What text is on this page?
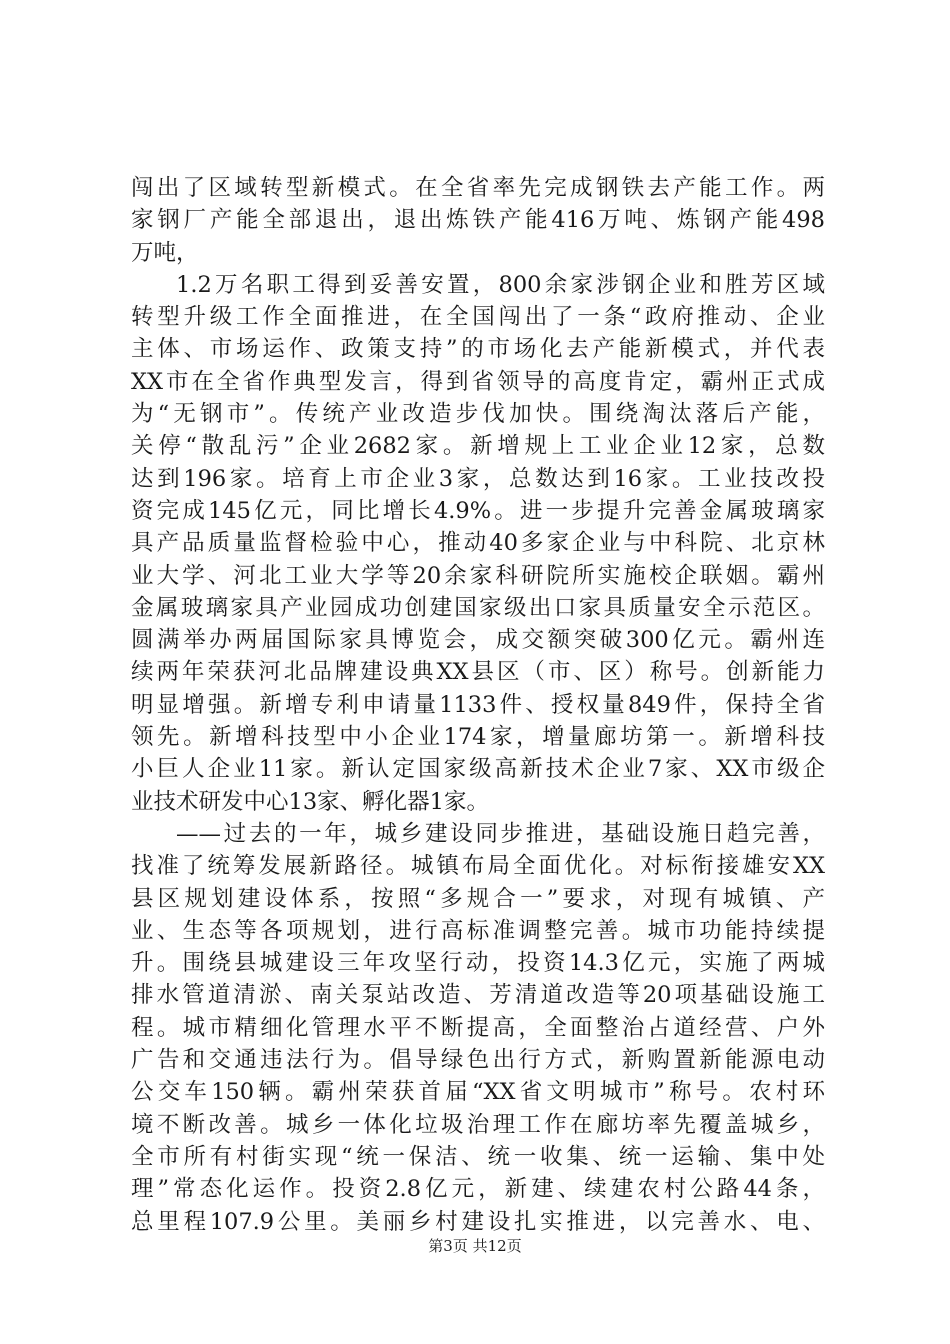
闯出了区域转型新模式。在全省率先完成钢铁去产能工作。两
家钢厂产能全部退出，退出炼铁产能416万吨、炼钢产能498
万吨，
1.2万名职工得到妥善安置，800余家涉钢企业和胜芳区域
转型升级工作全面推进，在全国闯出了一条“政府推动、企业
主体、市场运作、政策支持”的市场化去产能新模式，并代表
XX市在全省作典型发言，得到省领导的高度肯定，霸州正式成
为“无钢市”。传统产业改造步伐加快。围绕淘汰落后产能，
关停“散乱污”企业2682家。新增规上工业企业12家，总数
达到196家。培育上市企业3家，总数达到16家。工业技改投
资完成145亿元，同比增长4.9%。进一步提升完善金属玻璃家
具产品质量监督检验中心，推动40多家企业与中科院、北京林
业大学、河北工业大学等20余家科研院所实施校企联姻。霸州
金属玻璃家具产业园成功创建国家级出口家具质量安全示范区。
圆满举办两届国际家具博览会，成交额突破300亿元。霸州连
续两年荣获河北品牌建设典XX县区（市、区）称号。创新能力
明显增强。新增专利申请量1133件、授权量849件，保持全省
领先。新增科技型中小企业174家，增量廊坊第一。新增科技
小巨人企业11家。新认定国家级高新技术企业7家、XX市级企
业技术研发中心13家、孵化器1家。
——过去的一年，城乡建设同步推进，基础设施日趋完善，
找准了统筹发展新路径。城镇布局全面优化。对标衔接雄安XX
县区规划建设体系，按照“多规合一”要求，对现有城镇、产
业、生态等各项规划，进行高标准调整完善。城市功能持续提
升。围绕县城建设三年攻坚行动，投资14.3亿元，实施了两城
排水管道清淤、南关泵站改造、芳清道改造等20项基础设施工
程。城市精细化管理水平不断提高，全面整治占道经营、户外
广告和交通违法行为。倡导绿色出行方式，新购置新能源电动
公交车150辆。霸州荣获首届“XX省文明城市”称号。农村环
境不断改善。城乡一体化垃圾治理工作在廊坊率先覆盖城乡，
全市所有村街实现“统一保洁、统一收集、统一运输、集中处
理”常态化运作。投资2.8亿元，新建、续建农村公路44条，
总里程107.9公里。美丽乡村建设扎实推进，以完善水、电、
第3页 共12页
